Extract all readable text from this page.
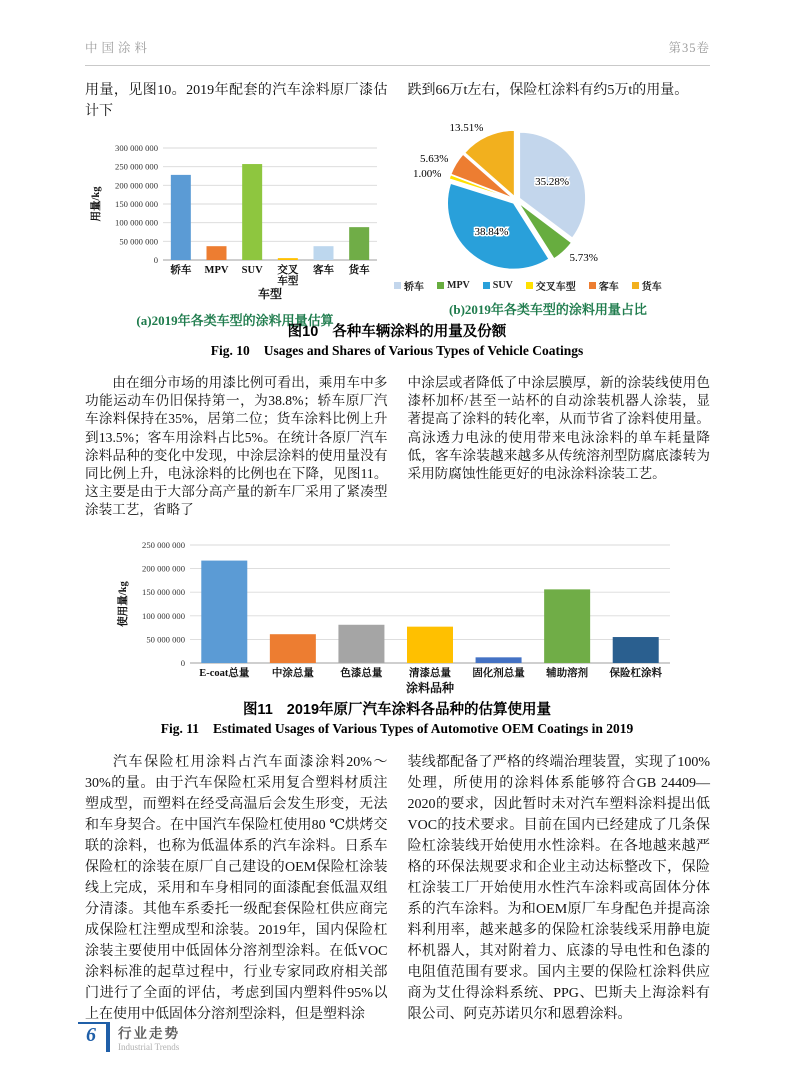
中国涂料	第35卷

用量，见图10。2019年配套的汽车涂料原厂漆估计下

跌到66万t左右，保险杠涂料有约5万t的用量。

0
50 000 000
100 000 000
150 000 000
200 000 000
250 000 000
300 000 000
轿车 MPV SUV 交叉车型
客车 货车
用量/kg
车型
(a)2019年各类车型的涂料用量估算
35.28%
5.73%
38.84%
1.00%
5.63%
13.51%
轿车 MPV SUV 交叉车型 客车 货车
(b)2019年各类车型的涂料用量占比
图10 各种车辆涂料的用量及份额
Fig. 10 Usages and Shares of Various Types of Vehicle Coatings

由在细分市场的用漆比例可看出，乘用车中多功能运动车仍旧保持第一，为38.8%；轿车原厂汽车涂料保持在35%，居第二位；货车涂料比例上升到13.5%；客车用涂料占比5%。在统计各原厂汽车涂料品种的变化中发现，中涂层涂料的使用量没有同比例上升，电泳涂料的比例也在下降，见图11。这主要是由于大部分高产量的新车厂采用了紧凑型涂装工艺，省略了

中涂层或者降低了中涂层膜厚，新的涂装线使用色漆杯加杯/甚至一站杯的自动涂装机器人涂装，显著提高了涂料的转化率，从而节省了涂料使用量。高泳透力电泳的使用带来电泳涂料的单车耗量降低，客车涂装越来越多从传统溶剂型防腐底漆转为采用防腐蚀性能更好的电泳涂料涂装工艺。

0
50 000 000
100 000 000
150 000 000
200 000 000
250 000 000
E-coat总量 中涂总量	色漆总量	清漆总量 固化剂总量 辅助溶剂 保险杠涂料
使用量/kg
涂料品种
图11 2019年原厂汽车涂料各品种的估算使用量
Fig. 11 Estimated Usages of Various Types of Automotive OEM Coatings in 2019

汽车保险杠用涂料占汽车面漆涂料20%～30%的量。由于汽车保险杠采用复合塑料材质注塑成型，而塑料在经受高温后会发生形变，无法和车身契合。在中国汽车保险杠使用80 ℃烘烤交联的涂料，也称为低温体系的汽车涂料。日系车保险杠的涂装在原厂自己建设的OEM保险杠涂装线上完成，采用和车身相同的面漆配套低温双组分清漆。其他车系委托一级配套保险杠供应商完成保险杠注塑成型和涂装。2019年，国内保险杠涂装主要使用中低固体分溶剂型涂料。在低VOC涂料标准的起草过程中，行业专家同政府相关部门进行了全面的评估，考虑到国内塑料件95%以上在使用中低固体分溶剂型涂料，但是塑料涂

装线都配备了严格的终端治理装置，实现了100%处理，所使用的涂料体系能够符合GB 24409—2020的要求，因此暂时未对汽车塑料涂料提出低VOC的技术要求。目前在国内已经建成了几条保险杠涂装线开始使用水性涂料。在各地越来越严格的环保法规要求和企业主动达标整改下，保险杠涂装工厂开始使用水性汽车涂料或高固体分体系的汽车涂料。为和OEM原厂车身配色并提高涂料利用率，越来越多的保险杠涂装线采用静电旋杯机器人，其对附着力、底漆的导电性和色漆的电阻值范围有要求。国内主要的保险杠涂料供应商为艾仕得涂料系统、PPG、巴斯夫上海涂料有限公司、阿克苏诺贝尔和恩碧涂料。

6	行业走势
Industrial Trends
